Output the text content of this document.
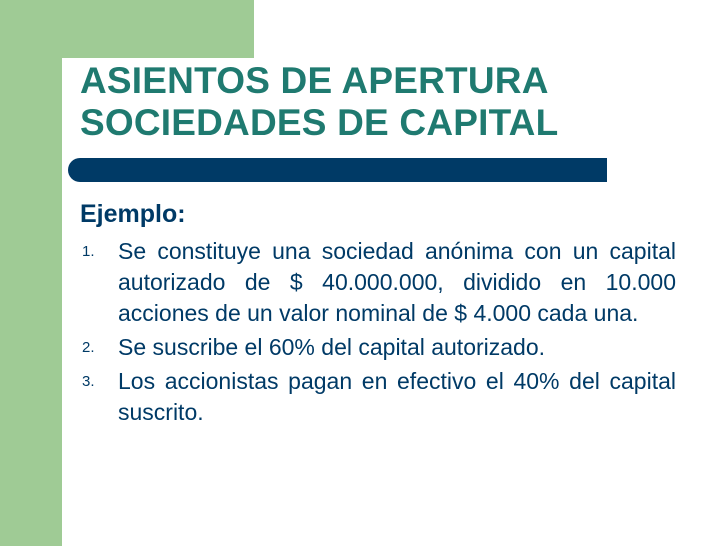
ASIENTOS DE APERTURA
SOCIEDADES DE CAPITAL
Ejemplo:
1. Se constituye una sociedad anónima con un capital autorizado de $ 40.000.000, dividido en 10.000 acciones de un valor nominal de $ 4.000 cada una.
2. Se suscribe el 60% del capital autorizado.
3. Los accionistas pagan en efectivo el 40% del capital suscrito.
